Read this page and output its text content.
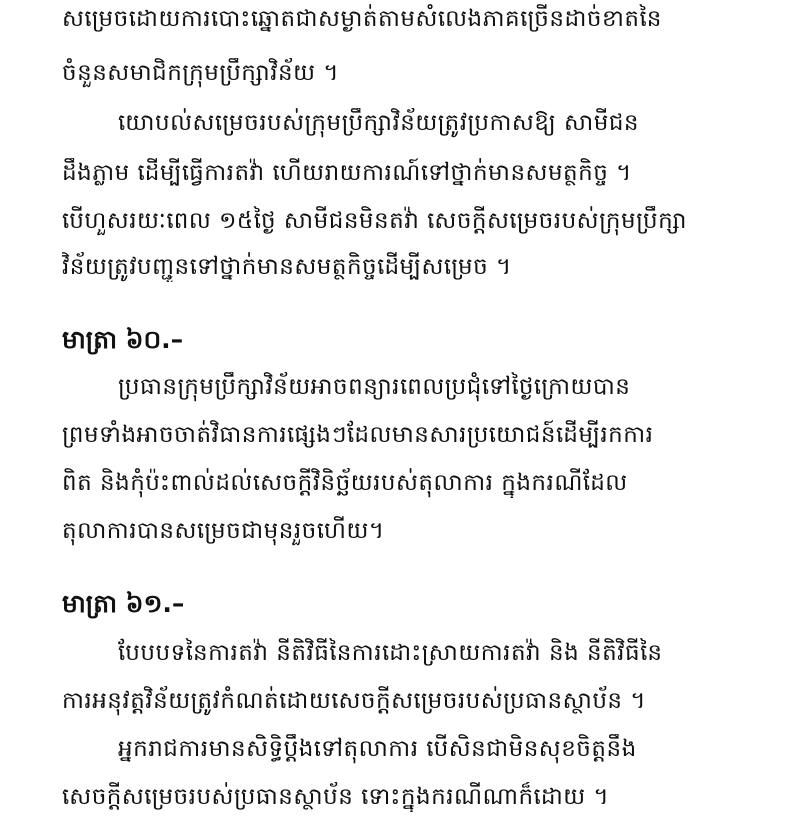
សម្រេចដោយការបោះឆ្នោតជាសម្ងាត់តាមសំលេងភាគច្រើនដាច់ខាតនៃ
ចំនួនសមាជិកក្រុមប្រឹក្សាវិន័យ ។
យោបល់សម្រេចរបស់ក្រុមប្រឹក្សាវិន័យត្រូវប្រកាសឱ្យ សាមីជន
ដឹងភ្លាម ដើម្បីធ្វើការតវ៉ា ហើយរាយការណ៍ទៅថ្នាក់មានសមត្ថកិច្ច ។
បើហួសរយៈពេល ១៥ថ្ងៃ សាមីជនមិនតវ៉ា សេចក្ដីសម្រេចរបស់ក្រុមប្រឹក្សា
វិន័យត្រូវបញ្ជូនទៅថ្នាក់មានសមត្ថកិច្ចដើម្បីសម្រេច ។
មាត្រា ៦០.–
ប្រធានក្រុមប្រឹក្សាវិន័យអាចពន្យារពេលប្រជុំទៅថ្ងៃក្រោយបាន
ព្រមទាំងអាចចាត់វិធានការផ្សេងៗដែលមានសារប្រយោជន៍ដើម្បីរកការ
ពិត និងកុំប៉ះពាល់ដល់សេចក្ដីវិនិច្ឆ័យរបស់តុលាការ ក្នុងករណីដែល
តុលាការបានសម្រេចជាមុនរួចហើយ។
មាត្រា ៦១.–
បែបបទនៃការតវ៉ា នីតិវិធីនៃការដោះស្រាយការតវ៉ា និង នីតិវិធីនៃ
ការអនុវត្តវិន័យត្រូវកំណត់ដោយសេចក្ដីសម្រេចរបស់ប្រធានស្ថាប័ន ។
អ្នករាជការមានសិទ្ធិប្ដឹងទៅតុលាការ បើសិនជាមិនសុខចិត្តនឹង
សេចក្ដីសម្រេចរបស់ប្រធានស្ថាប័ន ទោះក្នុងករណីណាក៏ដោយ ។
